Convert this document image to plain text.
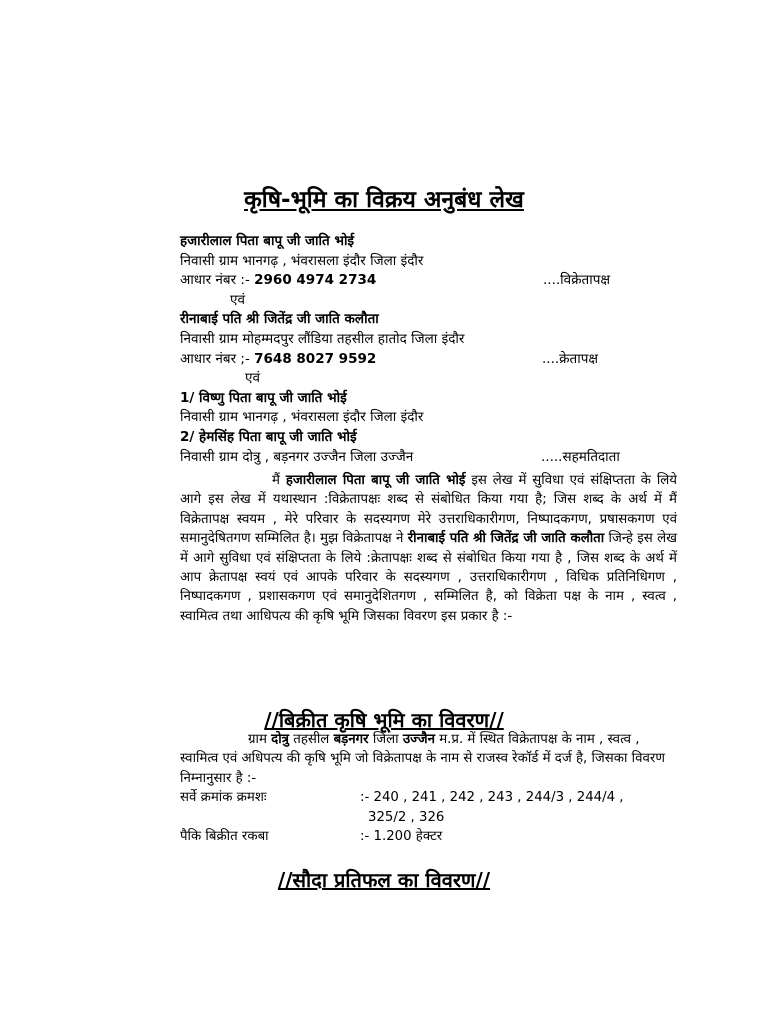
कृषि-भूमि का विक्रय अनुबंध लेख
हजारीलाल पिता बापू जी जाति भोई
निवासी ग्राम भानगढ़ , भंवरासला इंदौर जिला इंदौर
आधार नंबर :- 2960 4974 2734	....विक्रेतापक्ष
एवं
रीनाबाई पति श्री जितेंद्र जी जाति कलौता
निवासी ग्राम मोहम्मदपुर लौंडिया तहसील हातोद जिला इंदौर
आधार नंबर ;- 7648 8027 9592	....क्रेतापक्ष
एवं
1/ विष्णु पिता बापू जी जाति भोई
निवासी ग्राम भानगढ़ , भंवरासला इंदौर जिला इंदौर
2/ हेमसिंह पिता बापू जी जाति भोई
निवासी ग्राम दोत्रु , बड़नगर उज्जैन जिला उज्जैन	.....सहमतिदाता

मैं हजारीलाल पिता बापू जी जाति भोई इस लेख में सुविधा एवं संक्षिप्तता के लिये आगे इस लेख में यथास्थान :विक्रेतापक्षः शब्द से संबोधित किया गया है; जिस शब्द के अर्थ में मैं विक्रेतापक्ष स्वयम , मेरे परिवार के सदस्यगण मेरे उत्तराधिकारीगण, निष्पादकगण, प्रषासकगण एवं समानुदेषितगण सम्मिलित है। मुझ विक्रेतापक्ष ने रीनाबाई पति श्री जितेंद्र जी जाति कलौता जिन्हे इस लेख में आगे सुविधा एवं संक्षिप्तता के लिये :क्रेतापक्षः शब्द से संबोधित किया गया है , जिस शब्द के अर्थ में आप क्रेतापक्ष स्वयं एवं आपके परिवार के सदस्यगण , उत्तराधिकारीगण , विधिक प्रतिनिधिगण , निष्पादकगण , प्रशासकगण एवं समानुदेशितगण , सम्मिलित है, को विक्रेता पक्ष के नाम , स्वत्व , स्वामित्व तथा आधिपत्य की कृषि भूमि जिसका विवरण इस प्रकार है :-

//बिक्रीत कृषि भूमि का विवरण//

ग्राम दोत्रु तहसील बड़नगर जिला उज्जैन म.प्र. में स्थित विक्रेतापक्ष के नाम , स्वत्व , स्वामित्व एवं अधिपत्य की कृषि भूमि जो विक्रेतापक्ष के नाम से राजस्व रेकॉर्ड में दर्ज है, जिसका विवरण निम्नानुसार है :-

सर्वे क्रमांक क्रमशः	:- 240 , 241 , 242 , 243 , 244/3 , 244/4 ,
325/2 , 326
पैकि बिक्रीत रकबा	:- 1.200 हेक्टर
//सौदा प्रतिफल का विवरण//
